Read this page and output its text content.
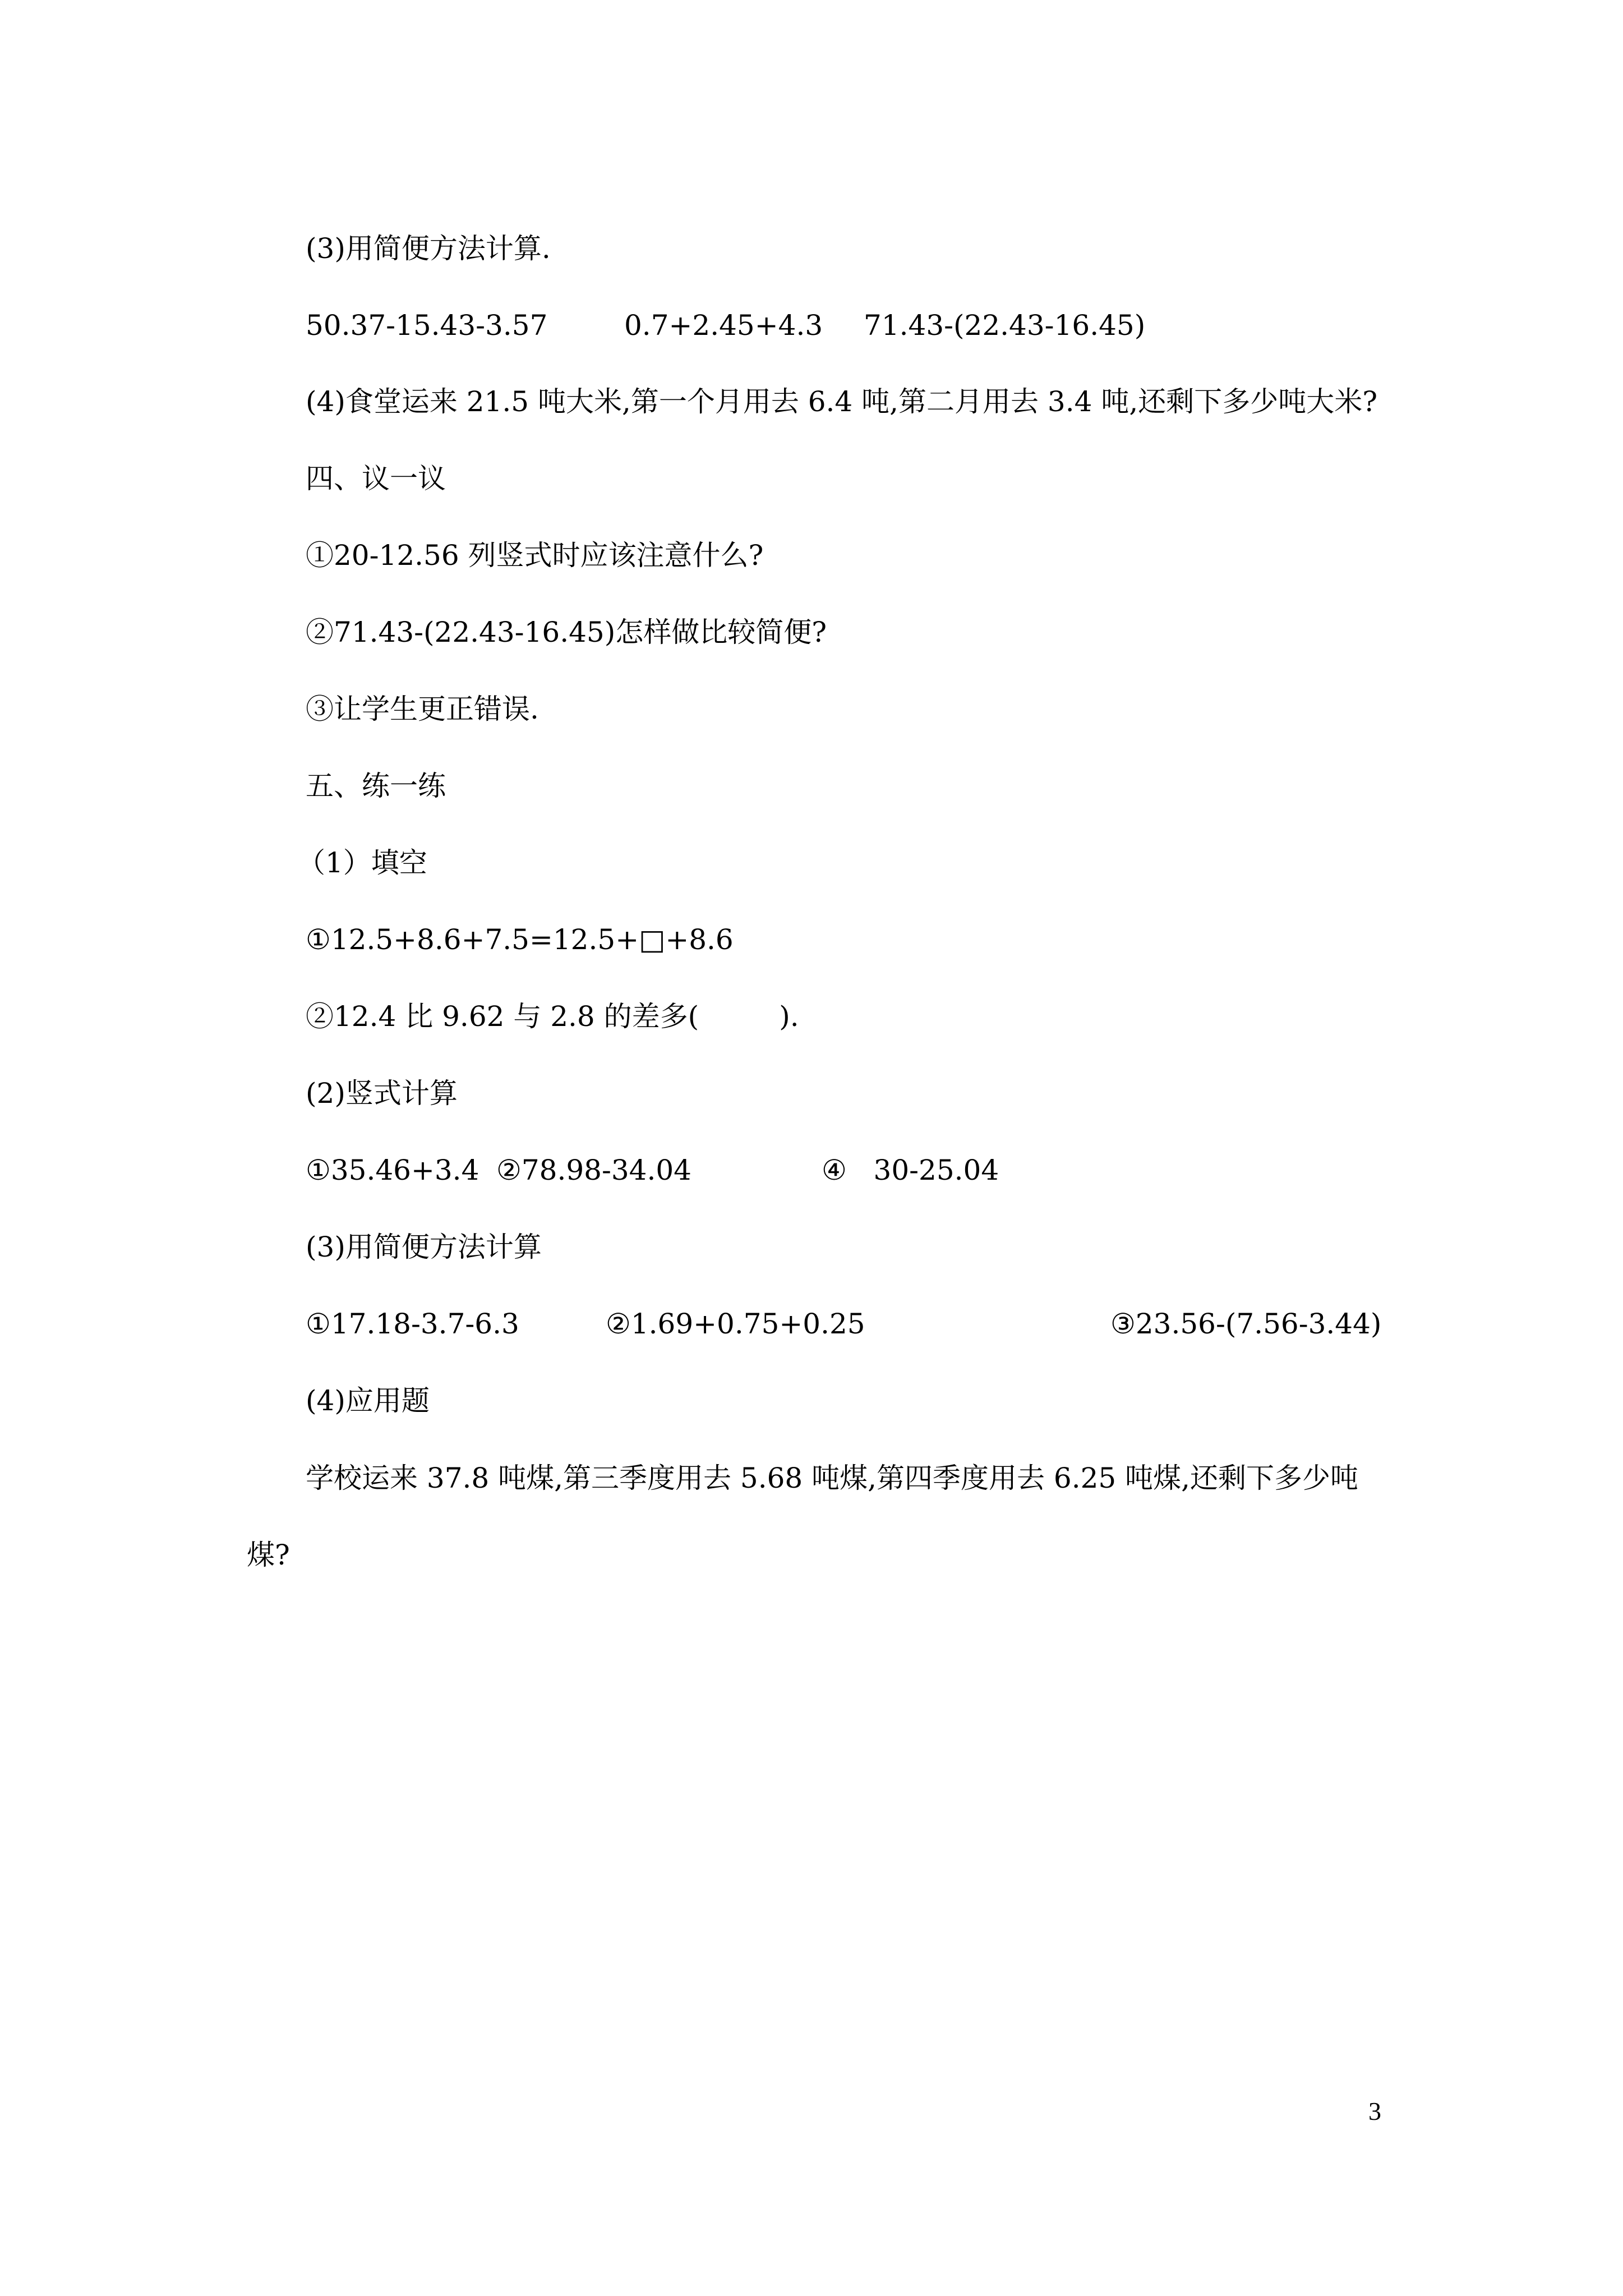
(3)用简便方法计算.
50.37-15.43-3.57	0.7+2.45+4.3 71.43-(22.43-16.45)
(4)食堂运来 21.5 吨大米,第一个月用去 6.4 吨,第二月用去 3.4 吨,还剩下多少吨大米?
四、议一议
①20-12.56 列竖式时应该注意什么?
②71.43-(22.43-16.45)怎样做比较简便?
③让学生更正错误.
五、练一练
（1）填空
①12.5+8.6+7.5=12.5+□+8.6
②12.4 比 9.62 与 2.8 的差多(         ).
(2)竖式计算
①35.46+3.4 ②78.98-34.04	④   30-25.04
(3)用简便方法计算
①17.18-3.7-6.3	②1.69+0.75+0.25	③23.56-(7.56-3.44)
(4)应用题
学校运来 37.8 吨煤,第三季度用去 5.68 吨煤,第四季度用去 6.25 吨煤,还剩下多少吨
煤?
3
